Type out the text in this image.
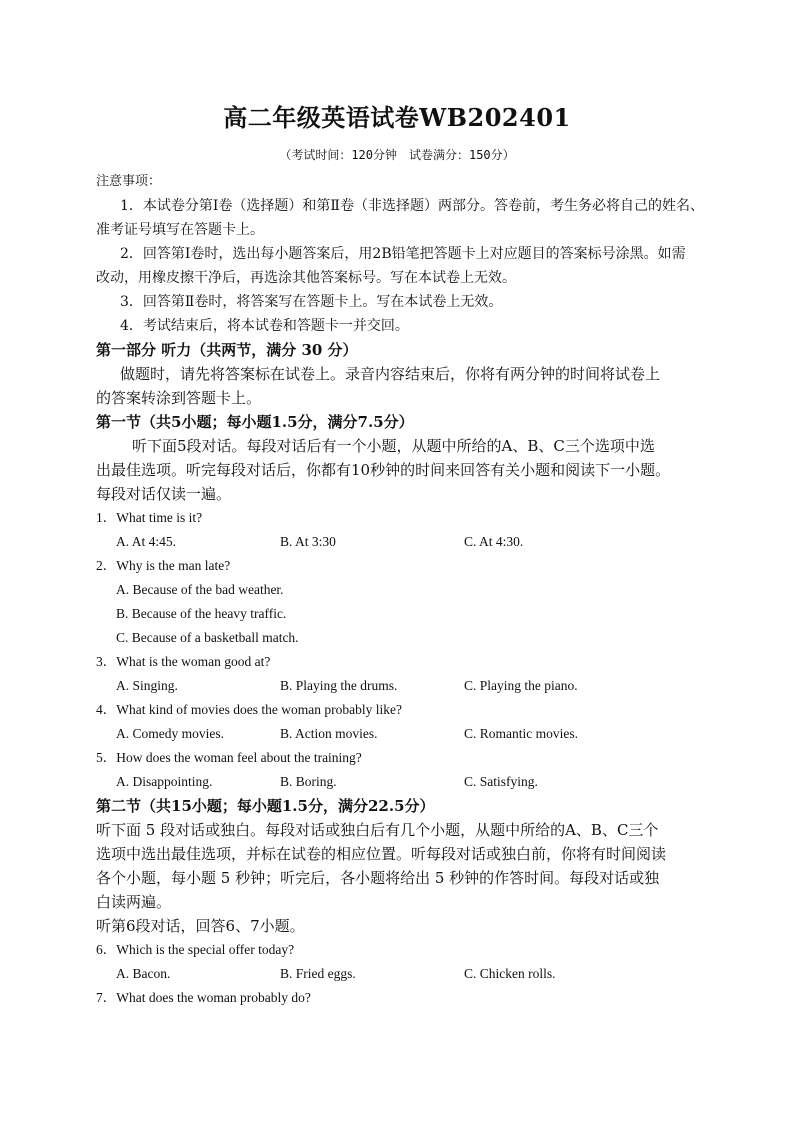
高二年级英语试卷WB202401
（考试时间：120分钟　试卷满分：150分）
注意事项：
1．本试卷分第Ⅰ卷（选择题）和第Ⅱ卷（非选择题）两部分。答卷前，考生务必将自己的姓名、
准考证号填写在答题卡上。
2．回答第Ⅰ卷时，选出每小题答案后，用2B铅笔把答题卡上对应题目的答案标号涂黑。如需
改动，用橡皮擦干净后，再选涂其他答案标号。写在本试卷上无效。
3．回答第Ⅱ卷时，将答案写在答题卡上。写在本试卷上无效。
4．考试结束后，将本试卷和答题卡一并交回。
第一部分 听力（共两节，满分 30 分）
做题时，请先将答案标在试卷上。录音内容结束后，你将有两分钟的时间将试卷上
的答案转涂到答题卡上。
第一节（共5小题；每小题1.5分，满分7.5分）
听下面5段对话。每段对话后有一个小题，从题中所给的A、B、C三个选项中选
出最佳选项。听完每段对话后，你都有10秒钟的时间来回答有关小题和阅读下一小题。
每段对话仅读一遍。
1．What time is it?
A. At 4:45.	B. At 3:30	C. At 4:30.
2．Why is the man late?
A. Because of the bad weather.
B. Because of the heavy traffic.
C. Because of a basketball match.
3．What is the woman good at?
A. Singing.	B. Playing the drums.	C. Playing the piano.
4．What kind of movies does the woman probably like?
A. Comedy movies.	B. Action movies.	C. Romantic movies.
5．How does the woman feel about the training?
A. Disappointing.	B. Boring.	C. Satisfying.
第二节（共15小题；每小题1.5分，满分22.5分）
听下面 5 段对话或独白。每段对话或独白后有几个小题，从题中所给的A、B、C三个
选项中选出最佳选项，并标在试卷的相应位置。听每段对话或独白前，你将有时间阅读
各个小题，每小题 5 秒钟；听完后，各小题将给出 5 秒钟的作答时间。每段对话或独
白读两遍。
听第6段对话，回答6、7小题。
6．Which is the special offer today?
A. Bacon.	B. Fried eggs.	C. Chicken rolls.
7．What does the woman probably do?
